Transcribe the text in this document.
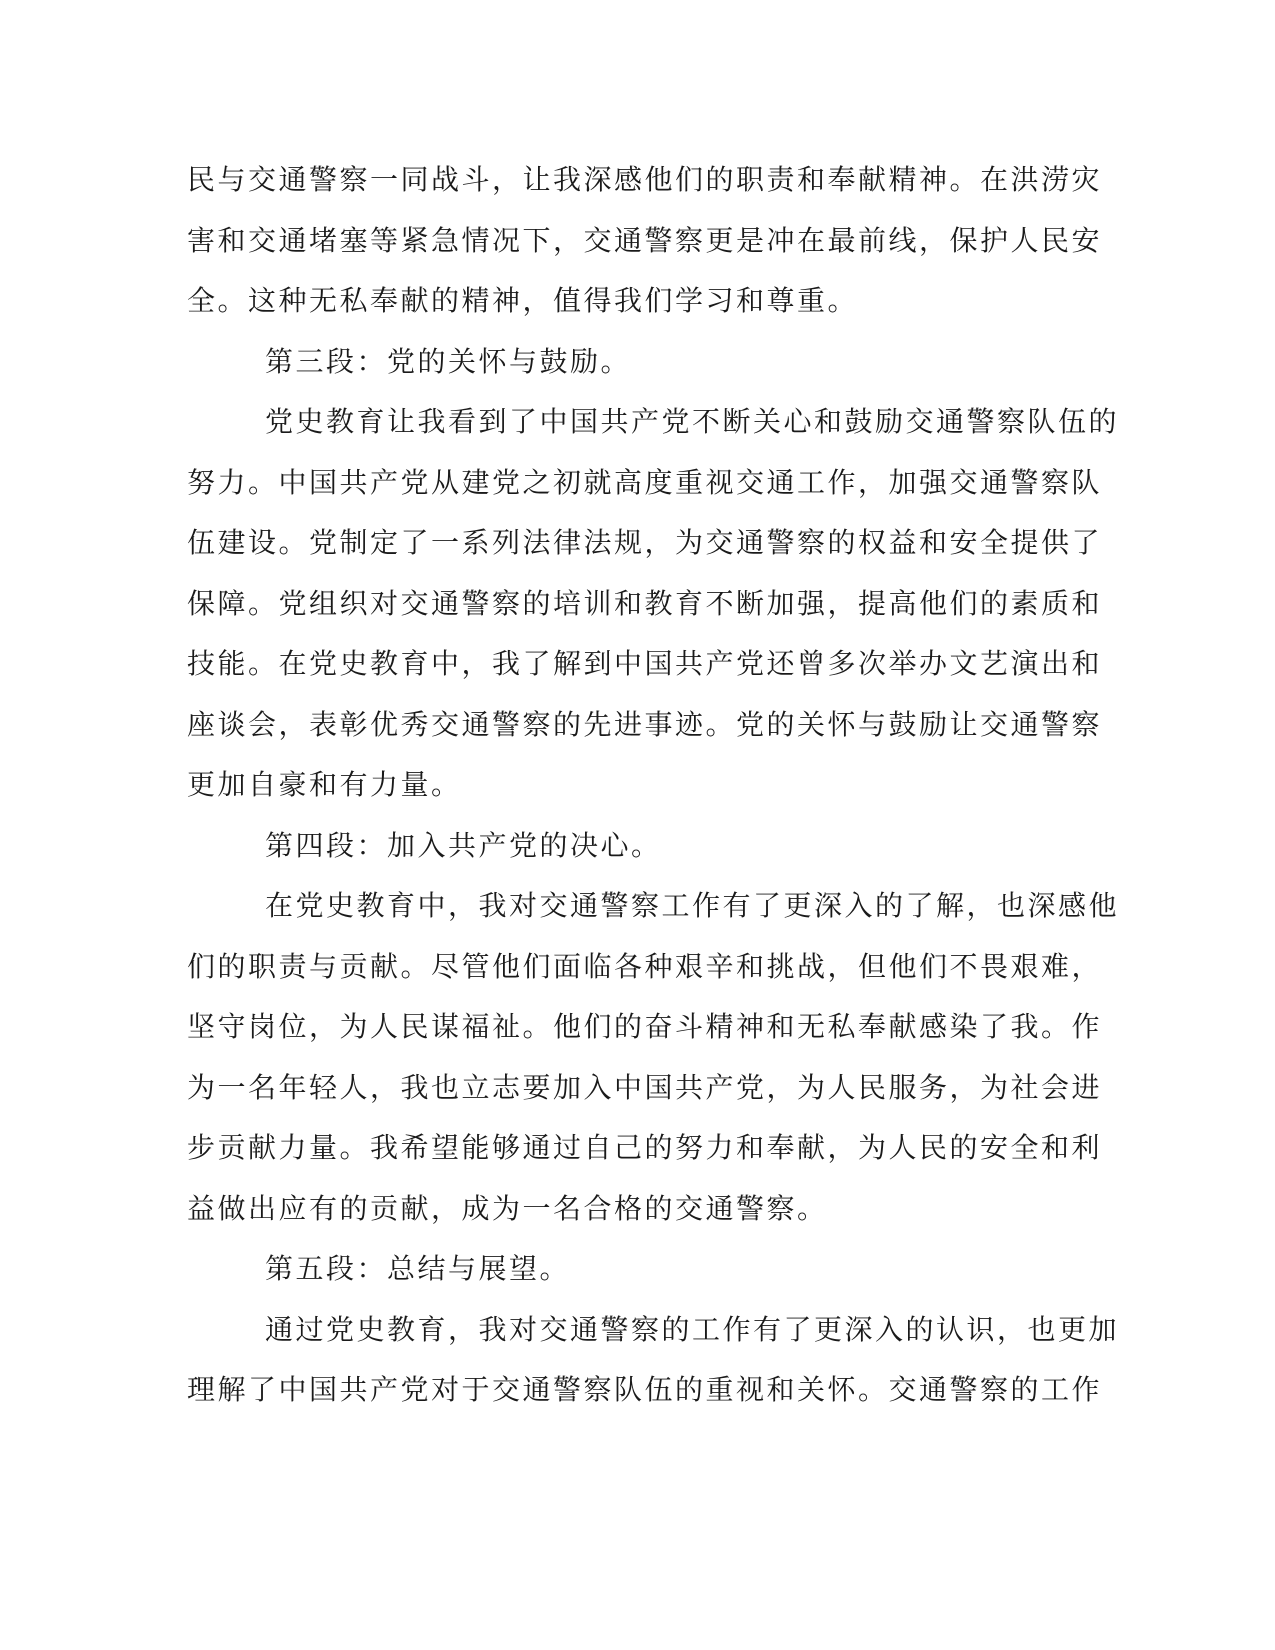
民与交通警察一同战斗，让我深感他们的职责和奉献精神。在洪涝灾
害和交通堵塞等紧急情况下，交通警察更是冲在最前线，保护人民安
全。这种无私奉献的精神，值得我们学习和尊重。
第三段：党的关怀与鼓励。
党史教育让我看到了中国共产党不断关心和鼓励交通警察队伍的
努力。中国共产党从建党之初就高度重视交通工作，加强交通警察队
伍建设。党制定了一系列法律法规，为交通警察的权益和安全提供了
保障。党组织对交通警察的培训和教育不断加强，提高他们的素质和
技能。在党史教育中，我了解到中国共产党还曾多次举办文艺演出和
座谈会，表彰优秀交通警察的先进事迹。党的关怀与鼓励让交通警察
更加自豪和有力量。
第四段：加入共产党的决心。
在党史教育中，我对交通警察工作有了更深入的了解，也深感他
们的职责与贡献。尽管他们面临各种艰辛和挑战，但他们不畏艰难，
坚守岗位，为人民谋福祉。他们的奋斗精神和无私奉献感染了我。作
为一名年轻人，我也立志要加入中国共产党，为人民服务，为社会进
步贡献力量。我希望能够通过自己的努力和奉献，为人民的安全和利
益做出应有的贡献，成为一名合格的交通警察。
第五段：总结与展望。
通过党史教育，我对交通警察的工作有了更深入的认识，也更加
理解了中国共产党对于交通警察队伍的重视和关怀。交通警察的工作
